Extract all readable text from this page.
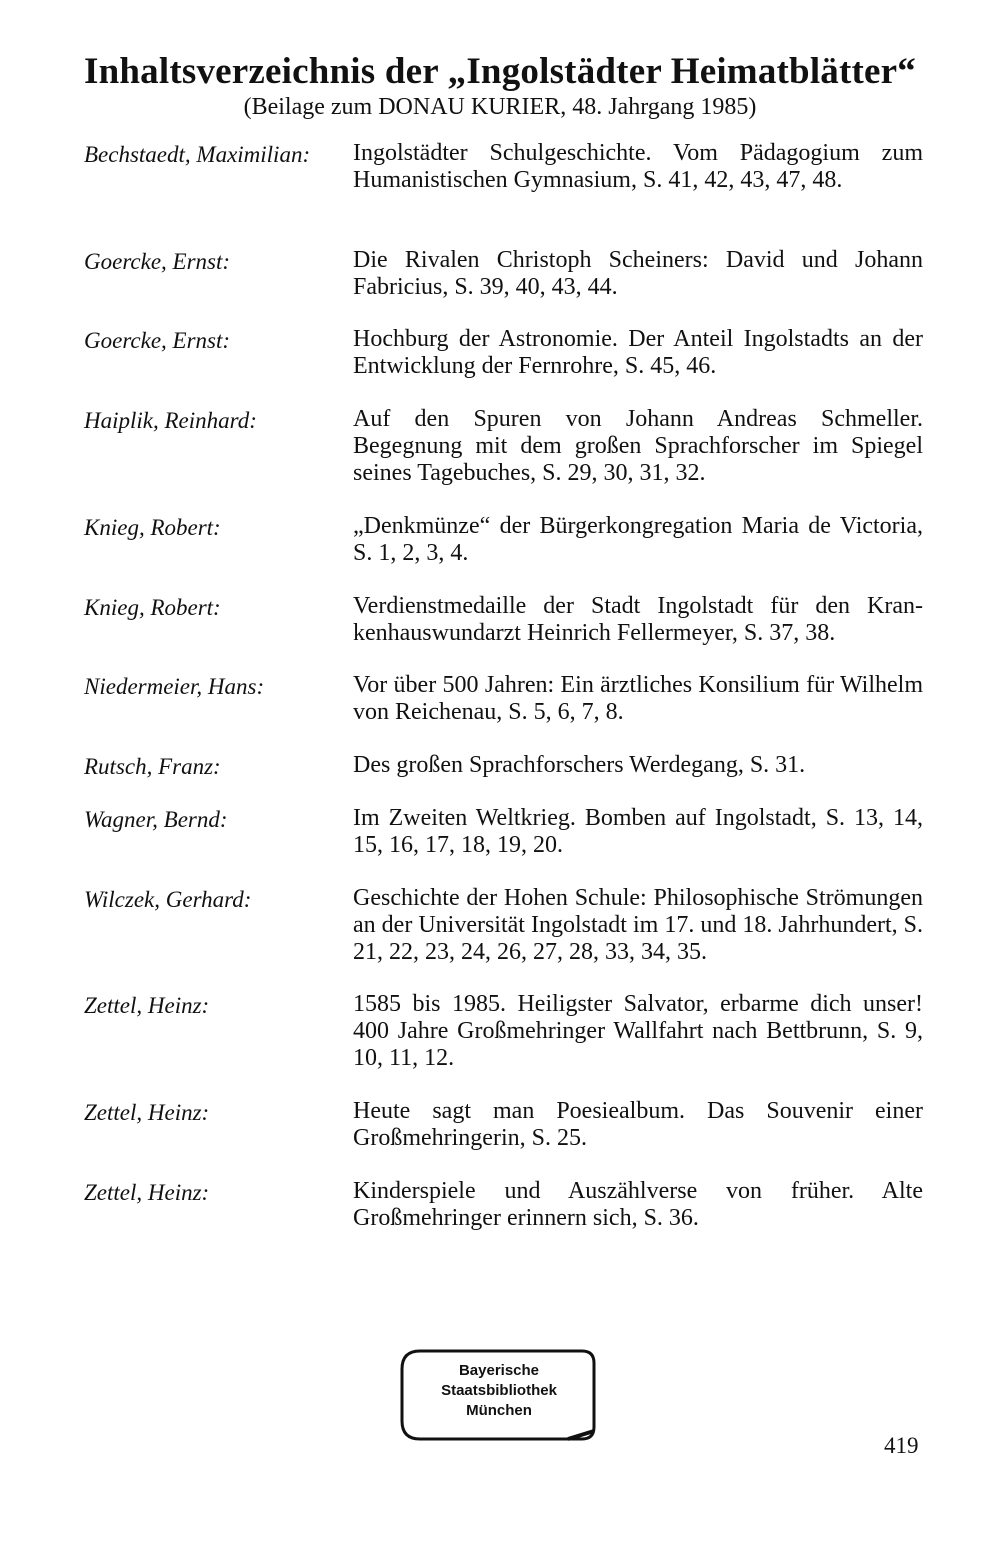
Inhaltsverzeichnis der „Ingolstädter Heimatblätter“
(Beilage zum DONAU KURIER, 48. Jahrgang 1985)
Bechstaedt, Maximilian:	Ingolstädter Schulgeschichte. Vom Pädagogium zum Humanistischen Gymnasium, S. 41, 42, 43, 47, 48.
Goercke, Ernst:	Die Rivalen Christoph Scheiners: David und Johann Fabricius, S. 39, 40, 43, 44.
Goercke, Ernst:	Hochburg der Astronomie. Der Anteil Ingolstadts an der Entwicklung der Fernrohre, S. 45, 46.
Haiplik, Reinhard:	Auf den Spuren von Johann Andreas Schmeller. Begegnung mit dem großen Sprachforscher im Spiegel seines Tagebuches, S. 29, 30, 31, 32.
Knieg, Robert:	„Denkmünze“ der Bürgerkongregation Maria de Victoria, S. 1, 2, 3, 4.
Knieg, Robert:	Verdienstmedaille der Stadt Ingolstadt für den Krankenhauswundarzt Heinrich Fellermeyer, S. 37, 38.
Niedermeier, Hans:	Vor über 500 Jahren: Ein ärztliches Konsilium für Wilhelm von Reichenau, S. 5, 6, 7, 8.
Rutsch, Franz:	Des großen Sprachforschers Werdegang, S. 31.
Wagner, Bernd:	Im Zweiten Weltkrieg. Bomben auf Ingolstadt, S. 13, 14, 15, 16, 17, 18, 19, 20.
Wilczek, Gerhard:	Geschichte der Hohen Schule: Philosophische Strömungen an der Universität Ingolstadt im 17. und 18. Jahrhundert, S. 21, 22, 23, 24, 26, 27, 28, 33, 34, 35.
Zettel, Heinz:	1585 bis 1985. Heiligster Salvator, erbarme dich unser! 400 Jahre Großmehringer Wallfahrt nach Bettbrunn, S. 9, 10, 11, 12.
Zettel, Heinz:	Heute sagt man Poesiealbum. Das Souvenir einer Großmehringerin, S. 25.
Zettel, Heinz:	Kinderspiele und Auszählverse von früher. Alte Großmehringer erinnern sich, S. 36.
Bayerische
Staatsbibliothek
München
419
